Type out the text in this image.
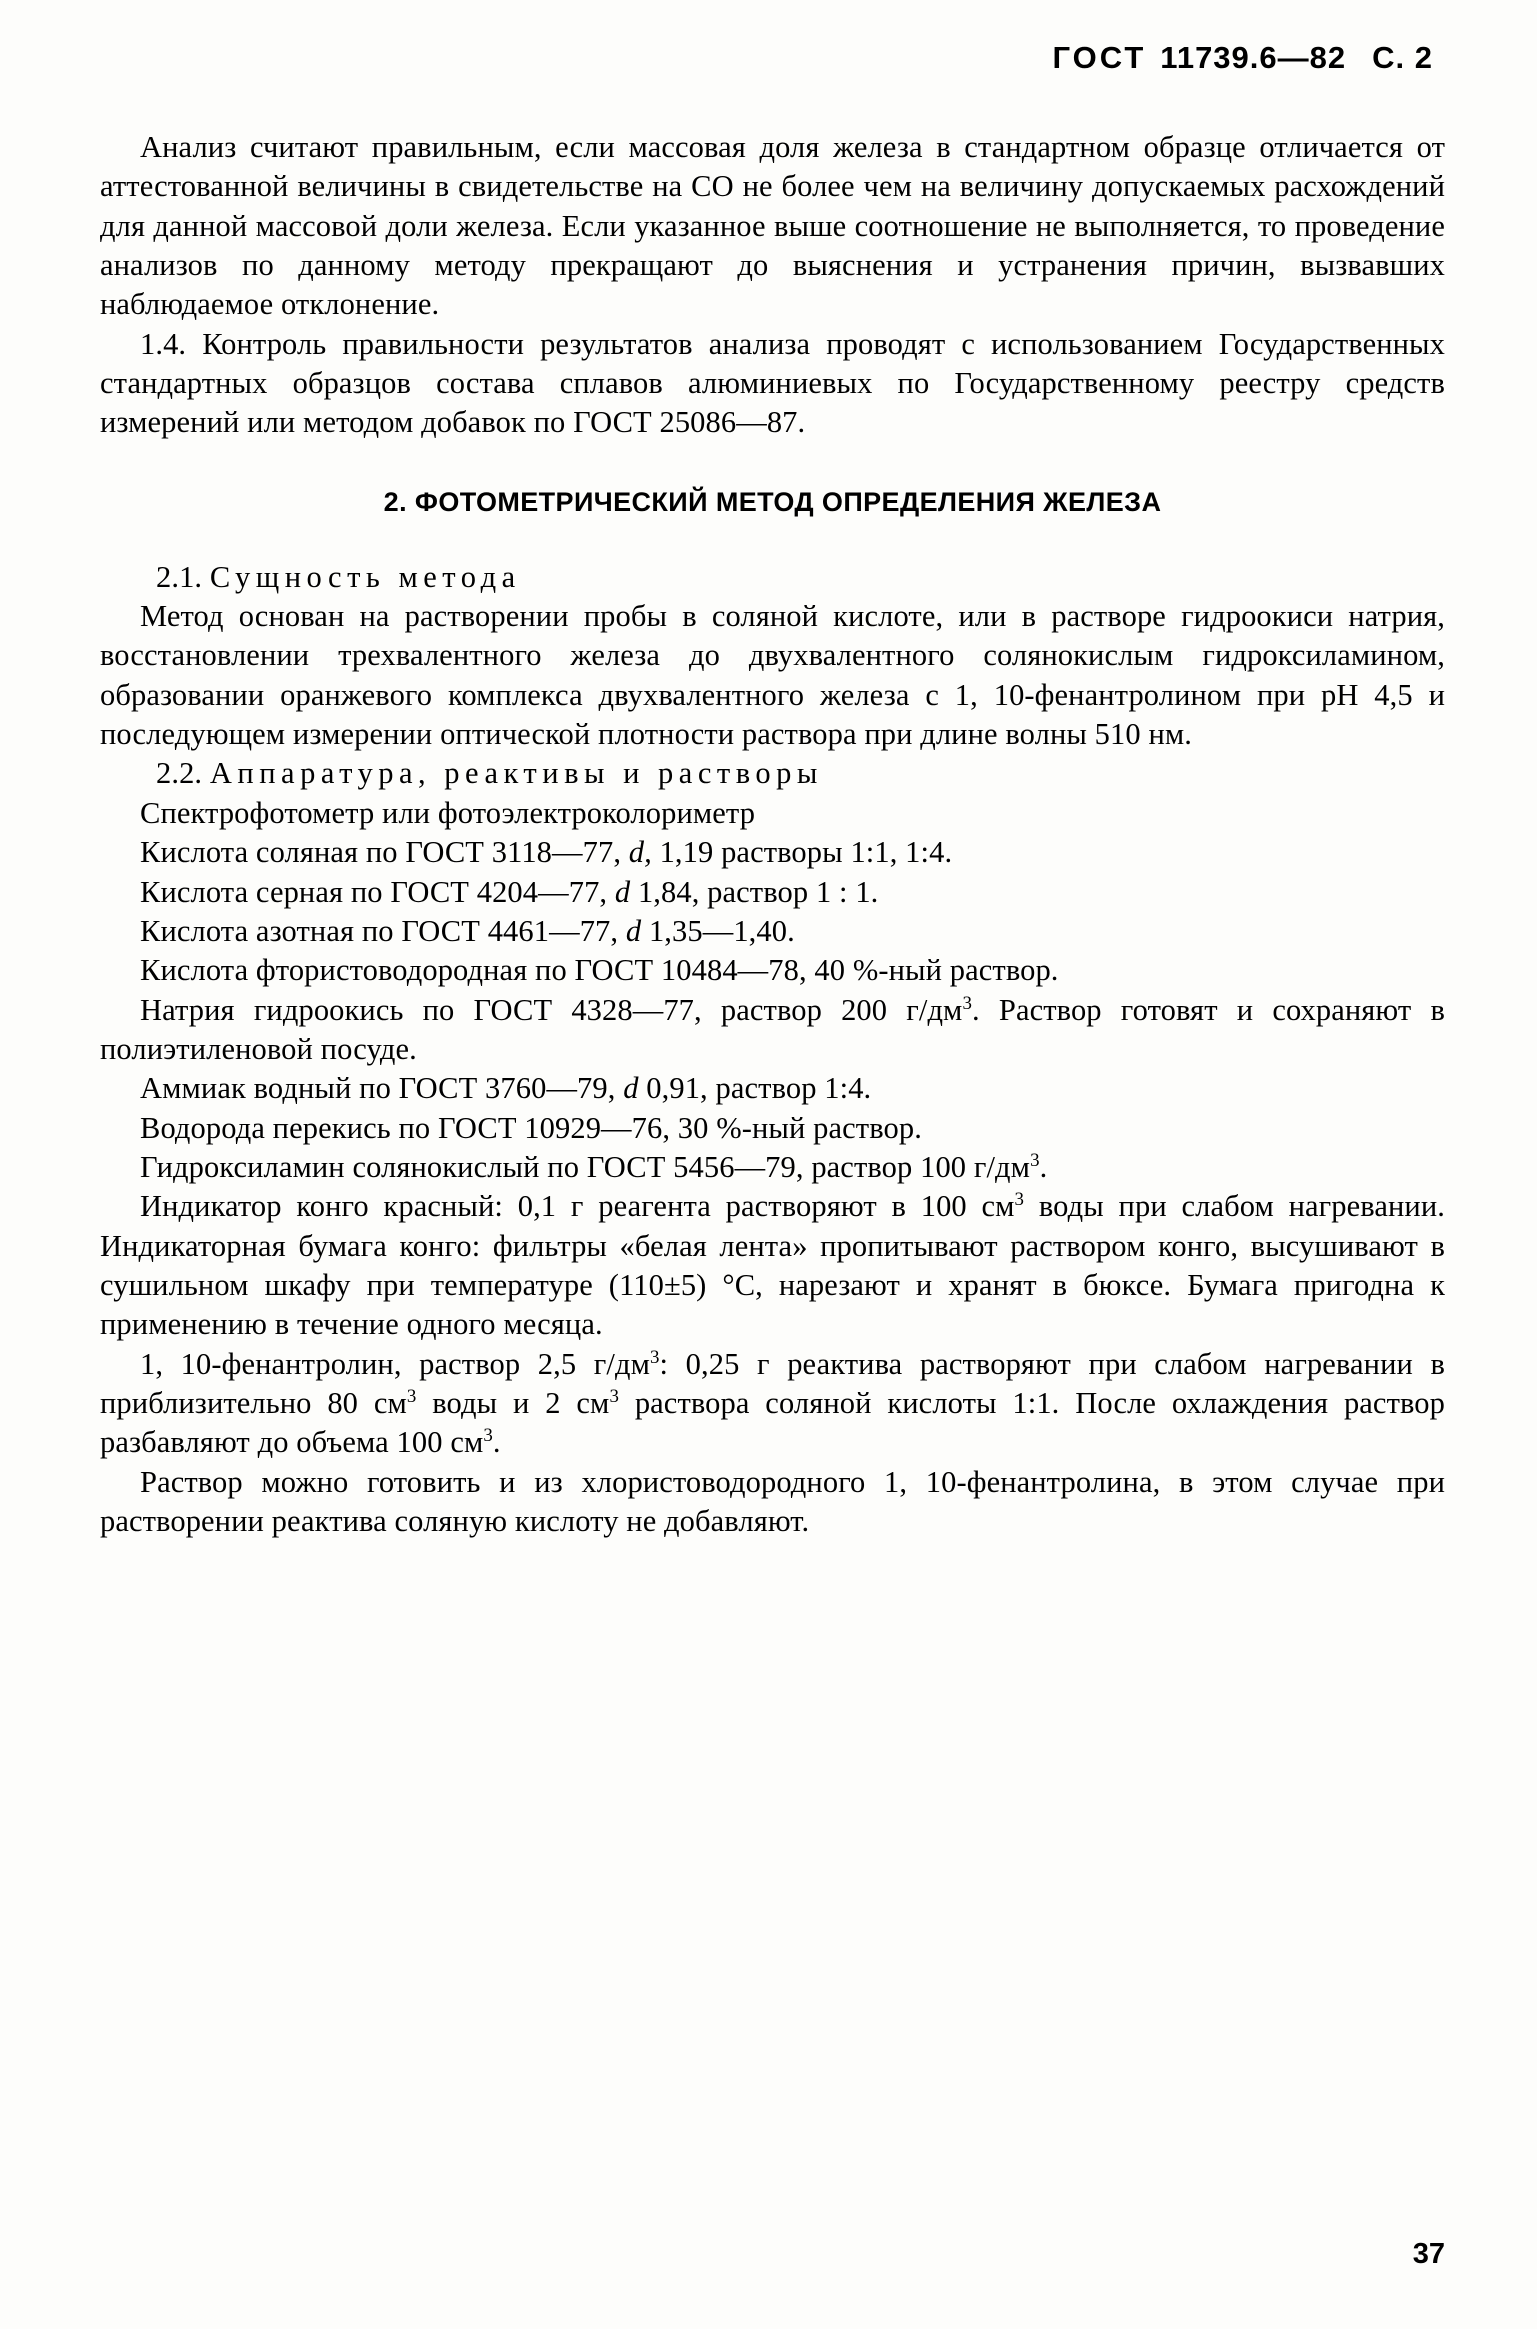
ГОСТ 11739.6—82 С. 2

Анализ считают правильным, если массовая доля железа в стандартном образце отличается от аттестованной величины в свидетельстве на СО не более чем на величину допускаемых расхождений для данной массовой доли железа. Если указанное выше соотношение не выполняется, то проведение анализов по данному методу прекращают до выяснения и устранения причин, вызвавших наблюдаемое отклонение.

1.4. Контроль правильности результатов анализа проводят с использованием Государственных стандартных образцов состава сплавов алюминиевых по Государственному реестру средств измерений или методом добавок по ГОСТ 25086—87.

2. ФОТОМЕТРИЧЕСКИЙ МЕТОД ОПРЕДЕЛЕНИЯ ЖЕЛЕЗА

2.1. Сущность метода

Метод основан на растворении пробы в соляной кислоте, или в растворе гидроокиси натрия, восстановлении трехвалентного железа до двухвалентного солянокислым гидроксиламином, образовании оранжевого комплекса двухвалентного железа с 1, 10-фенантролином при рН 4,5 и последующем измерении оптической плотности раствора при длине волны 510 нм.

2.2. Аппаратура, реактивы и растворы

Спектрофотометр или фотоэлектроколориметр

Кислота соляная по ГОСТ 3118—77, d, 1,19 растворы 1:1, 1:4.

Кислота серная по ГОСТ 4204—77, d 1,84, раствор 1 : 1.

Кислота азотная по ГОСТ 4461—77, d 1,35—1,40.

Кислота фтористоводородная по ГОСТ 10484—78, 40 %-ный раствор.

Натрия гидроокись по ГОСТ 4328—77, раствор 200 $г/дм^3$. Раствор готовят и сохраняют в полиэтиленовой посуде.

Аммиак водный по ГОСТ 3760—79, d 0,91, раствор 1:4.

Водорода перекись по ГОСТ 10929—76, 30 %-ный раствор.

Гидроксиламин солянокислый по ГОСТ 5456—79, раствор 100 $г/дм^3$.

Индикатор конго красный: 0,1 г реагента растворяют в 100 $см^3$ воды при слабом нагревании. Индикаторная бумага конго: фильтры «белая лента» пропитывают раствором конго, высушивают в сушильном шкафу при температуре (110±5) °С, нарезают и хранят в бюксе. Бумага пригодна к применению в течение одного месяца.

1, 10-фенантролин, раствор 2,5 $г/дм^3$: 0,25 г реактива растворяют при слабом нагревании в приблизительно 80 $см^3$ воды и 2 $см^3$ раствора соляной кислоты 1:1. После охлаждения раствор разбавляют до объема 100 $см^3$.

Раствор можно готовить и из хлористоводородного 1, 10-фенантролина, в этом случае при растворении реактива соляную кислоту не добавляют.

37
